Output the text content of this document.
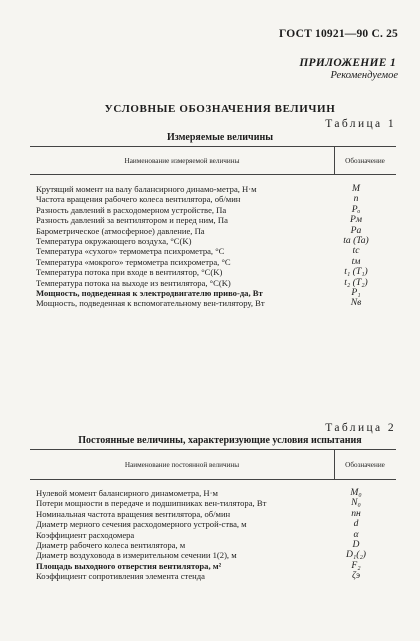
ГОСТ 10921—90 С. 25
ПРИЛОЖЕНИЕ 1
Рекомендуемое
УСЛОВНЫЕ ОБОЗНАЧЕНИЯ ВЕЛИЧИН
Таблица 1
Измеряемые величины
Наименование измеряемой величины	Обозначение
Крутящий момент на валу балансирного динамо-метра, Н·м	M
Частота вращения рабочего колеса вентилятора, об/мин	n
Разность давлений в расходомерном устройстве, Па	Pₒ
Разность давлений за вентилятором и перед ним, Па	Pм
Барометрическое (атмосферное) давление, Па	Pa
Температура окружающего воздуха, °C(K)	ta (Ta)
Температура «сухого» термометра психрометра, °C	tc
Температура «мокрого» термометра психрометра, °C	tм
Температура потока при входе в вентилятор, °C(K)	t₁ (T₁)
Температура потока на выходе из вентилятора, °C(K)	t₂ (T₂)
Мощность, подведенная к электродвигателю приво-да, Вт	P₁
Мощность, подведенная к вспомогательному вен-тилятору, Вт	Nв
Таблица 2
Постоянные величины, характеризующие условия испытания
Наименование постоянной величины	Обозначение
Нулевой момент балансирного динамометра, Н·м	M₀
Потери мощности в передаче и подшипниках вен-тилятора, Вт	N₀
Номинальная частота вращения вентилятора, об/мин	nн
Диаметр мерного сечения расходомерного устрой-ства, м	d
Коэффициент расходомера	α
Диаметр рабочего колеса вентилятора, м	D
Диаметр воздуховода в измерительном сечении 1(2), м	D₁(₂)
Площадь выходного отверстия вентилятора, м²	F₂
Коэффициент сопротивления элемента стенда	ζэ
